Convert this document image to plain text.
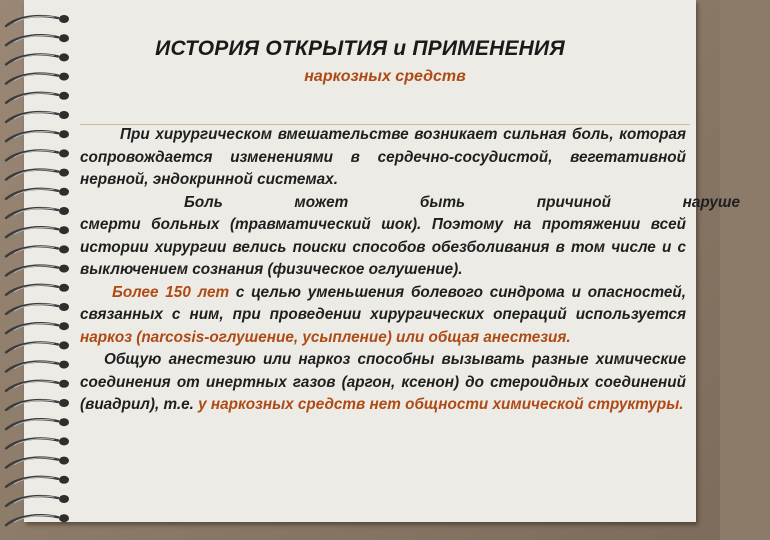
ИСТОРИЯ ОТКРЫТИЯ и ПРИМЕНЕНИЯ
наркозных средств

При хирургическом вмешательстве возникает сильная боль, которая сопровождается изменениями в сердечно-сосудистой, вегетативной нервной, эндокринной системах.

Боль	может	быть	причиной	наруше

смерти больных (травматический шок). Поэтому на протяжении всей истории хирургии велись поиски способов обезболивания в том числе и с выключением сознания (физическое оглушение).

Более 150 лет с целью уменьшения болевого синдрома и опасностей, связанных с ним, при проведении хирургических операций используется наркоз (narcosis-оглушение, усыпление) или общая анестезия.

Общую анестезию или наркоз способны вызывать разные химические соединения от инертных газов (аргон, ксенон) до стероидных соединений (виадрил), т.е. у наркозных средств нет общности химической структуры.
